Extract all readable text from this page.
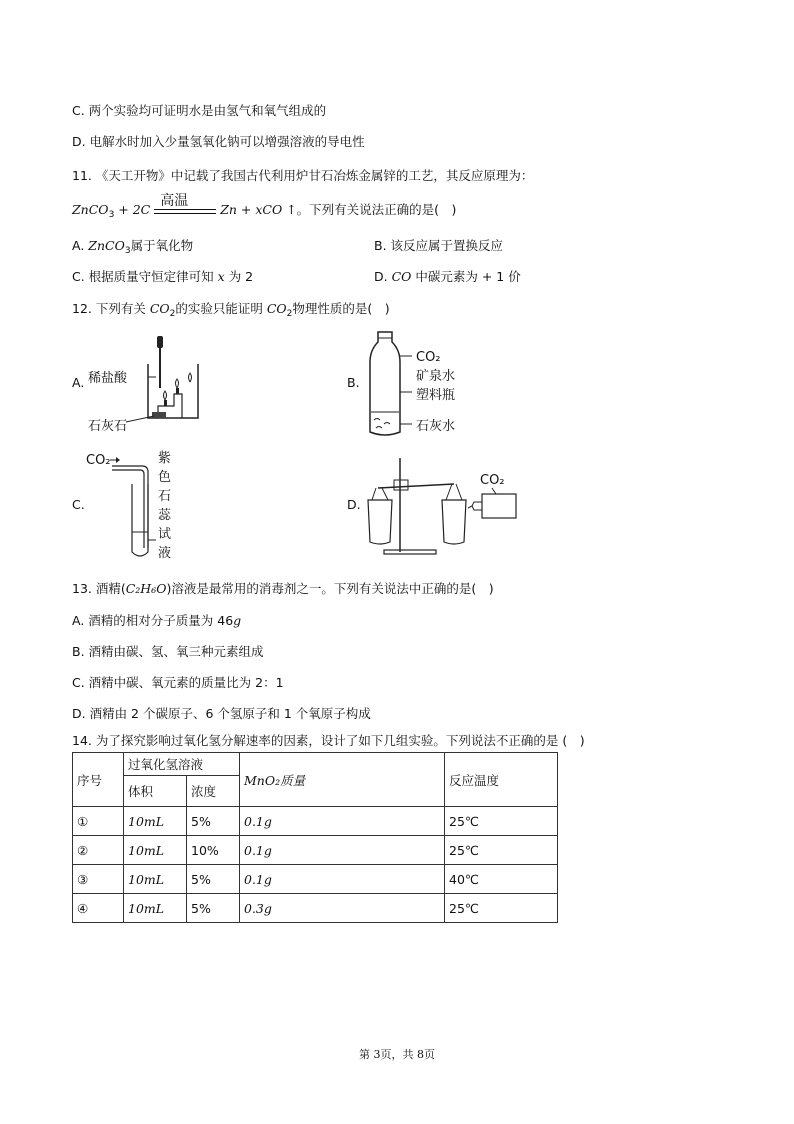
C. 两个实验均可证明水是由氢气和氧气组成的
D. 电解水时加入少量氢氧化钠可以增强溶液的导电性
11. 《天工开物》中记载了我国古代利用炉甘石冶炼金属锌的工艺，其反应原理为：
ZnCO$_3$ + 2C
高温
Zn + xCO ↑。下列有关说法正确的是(　)
A. ZnCO$_3$属于氧化物	B. 该反应属于置换反应
C. 根据质量守恒定律可知 x 为 2	D. CO 中碳元素为 + 1 价
12. 下列有关 $CO_2$的实验只能证明 $CO_2$物理性质的是(　)
A. 稀盐酸
石灰石
B.
CO₂
矿泉水
塑料瓶
石灰水
C.
CO₂	紫
色
石
蕊
试
液
D.
CO₂
13. 酒精(C₂H₆O)溶液是最常用的消毒剂之一。下列有关说法中正确的是(　)
A. 酒精的相对分子质量为 46g
B. 酒精由碳、氢、氧三种元素组成
C. 酒精中碳、氧元素的质量比为 2：1
D. 酒精由 2 个碳原子、6 个氢原子和 1 个氧原子构成
14. 为了探究影响过氧化氢分解速率的因素，设计了如下几组实验。下列说法不正确的是 (　)
序号	过氧化氢溶液		MnO₂质量	反应温度
	体积	浓度		
①	10mL	5%	0.1g	25℃
②	10mL	10%	0.1g	25℃
③	10mL	5%	0.1g	40℃
④	10mL	5%	0.3g	25℃
第 3页，共 8页
